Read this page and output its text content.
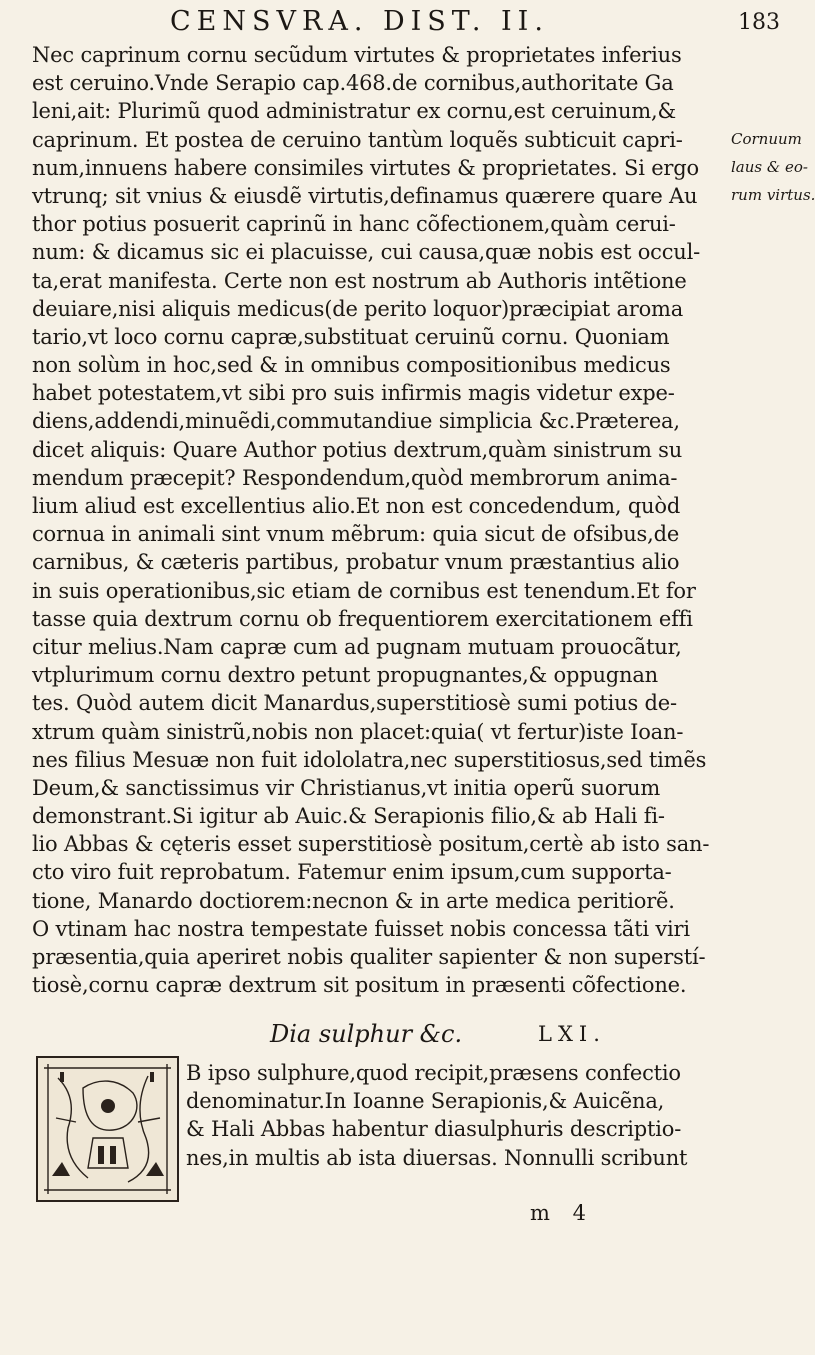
CENSVRA. DIST. II.	183
Nec caprinum cornu secũdum virtutes & proprietates inferius
est ceruino.Vnde Serapio cap.468.de cornibus,authoritate Ga
leni,ait: Plurimũ quod administratur ex cornu,est ceruinum,&
caprinum. Et postea de ceruino tantùm loquẽs subticuit capri-
num,innuens habere consimiles virtutes & proprietates. Si ergo
vtrunq; sit vnius & eiusdẽ virtutis,definamus quærere quare Au
thor potius posuerit caprinũ in hanc cõfectionem,quàm cerui-
num: & dicamus sic ei placuisse, cui causa,quæ nobis est occul-
ta,erat manifesta. Certe non est nostrum ab Authoris intẽtione
deuiare,nisi aliquis medicus(de perito loquor)præcipiat aroma
tario,vt loco cornu capræ,substituat ceruinũ cornu. Quoniam
non solùm in hoc,sed & in omnibus compositionibus medicus
habet potestatem,vt sibi pro suis infirmis magis videtur expe-
diens,addendi,minuẽdi,commutandiue simplicia &c.Præterea,
dicet aliquis: Quare Author potius dextrum,quàm sinistrum su
mendum præcepit? Respondendum,quòd membrorum anima-
lium aliud est excellentius alio.Et non est concedendum, quòd
cornua in animali sint vnum mẽbrum: quia sicut de ofsibus,de
carnibus, & cæteris partibus, probatur vnum præstantius alio
in suis operationibus,sic etiam de cornibus est tenendum.Et for
tasse quia dextrum cornu ob frequentiorem exercitationem effi
citur melius.Nam capræ cum ad pugnam mutuam prouocãtur,
vtplurimum cornu dextro petunt propugnantes,& oppugnan
tes. Quòd autem dicit Manardus,superstitiosè sumi potius de-
xtrum quàm sinistrũ,nobis non placet:quia( vt fertur)iste Ioan-
nes filius Mesuæ non fuit idololatra,nec superstitiosus,sed timẽs
Deum,& sanctissimus vir Christianus,vt initia operũ suorum
demonstrant.Si igitur ab Auic.& Serapionis filio,& ab Hali fi-
lio Abbas & cęteris esset superstitiosè positum,certè ab isto san-
cto viro fuit reprobatum. Fatemur enim ipsum,cum supporta-
tione, Manardo doctiorem:necnon & in arte medica peritiorẽ.
O vtinam hac nostra tempestate fuisset nobis concessa tãti viri
præsentia,quia aperiret nobis qualiter sapienter & non superstí-
tiosè,cornu capræ dextrum sit positum in præsenti cõfectione.
Cornuum
laus & eo-
rum virtus.
Dia sulphur &c.	LXI.
B ipso sulphure,quod recipit,præsens confectio
denominatur.In Ioanne Serapionis,& Auicẽna,
& Hali Abbas habentur diasulphuris descriptio-
nes,in multis ab ista diuersas. Nonnulli scribunt
m 4
